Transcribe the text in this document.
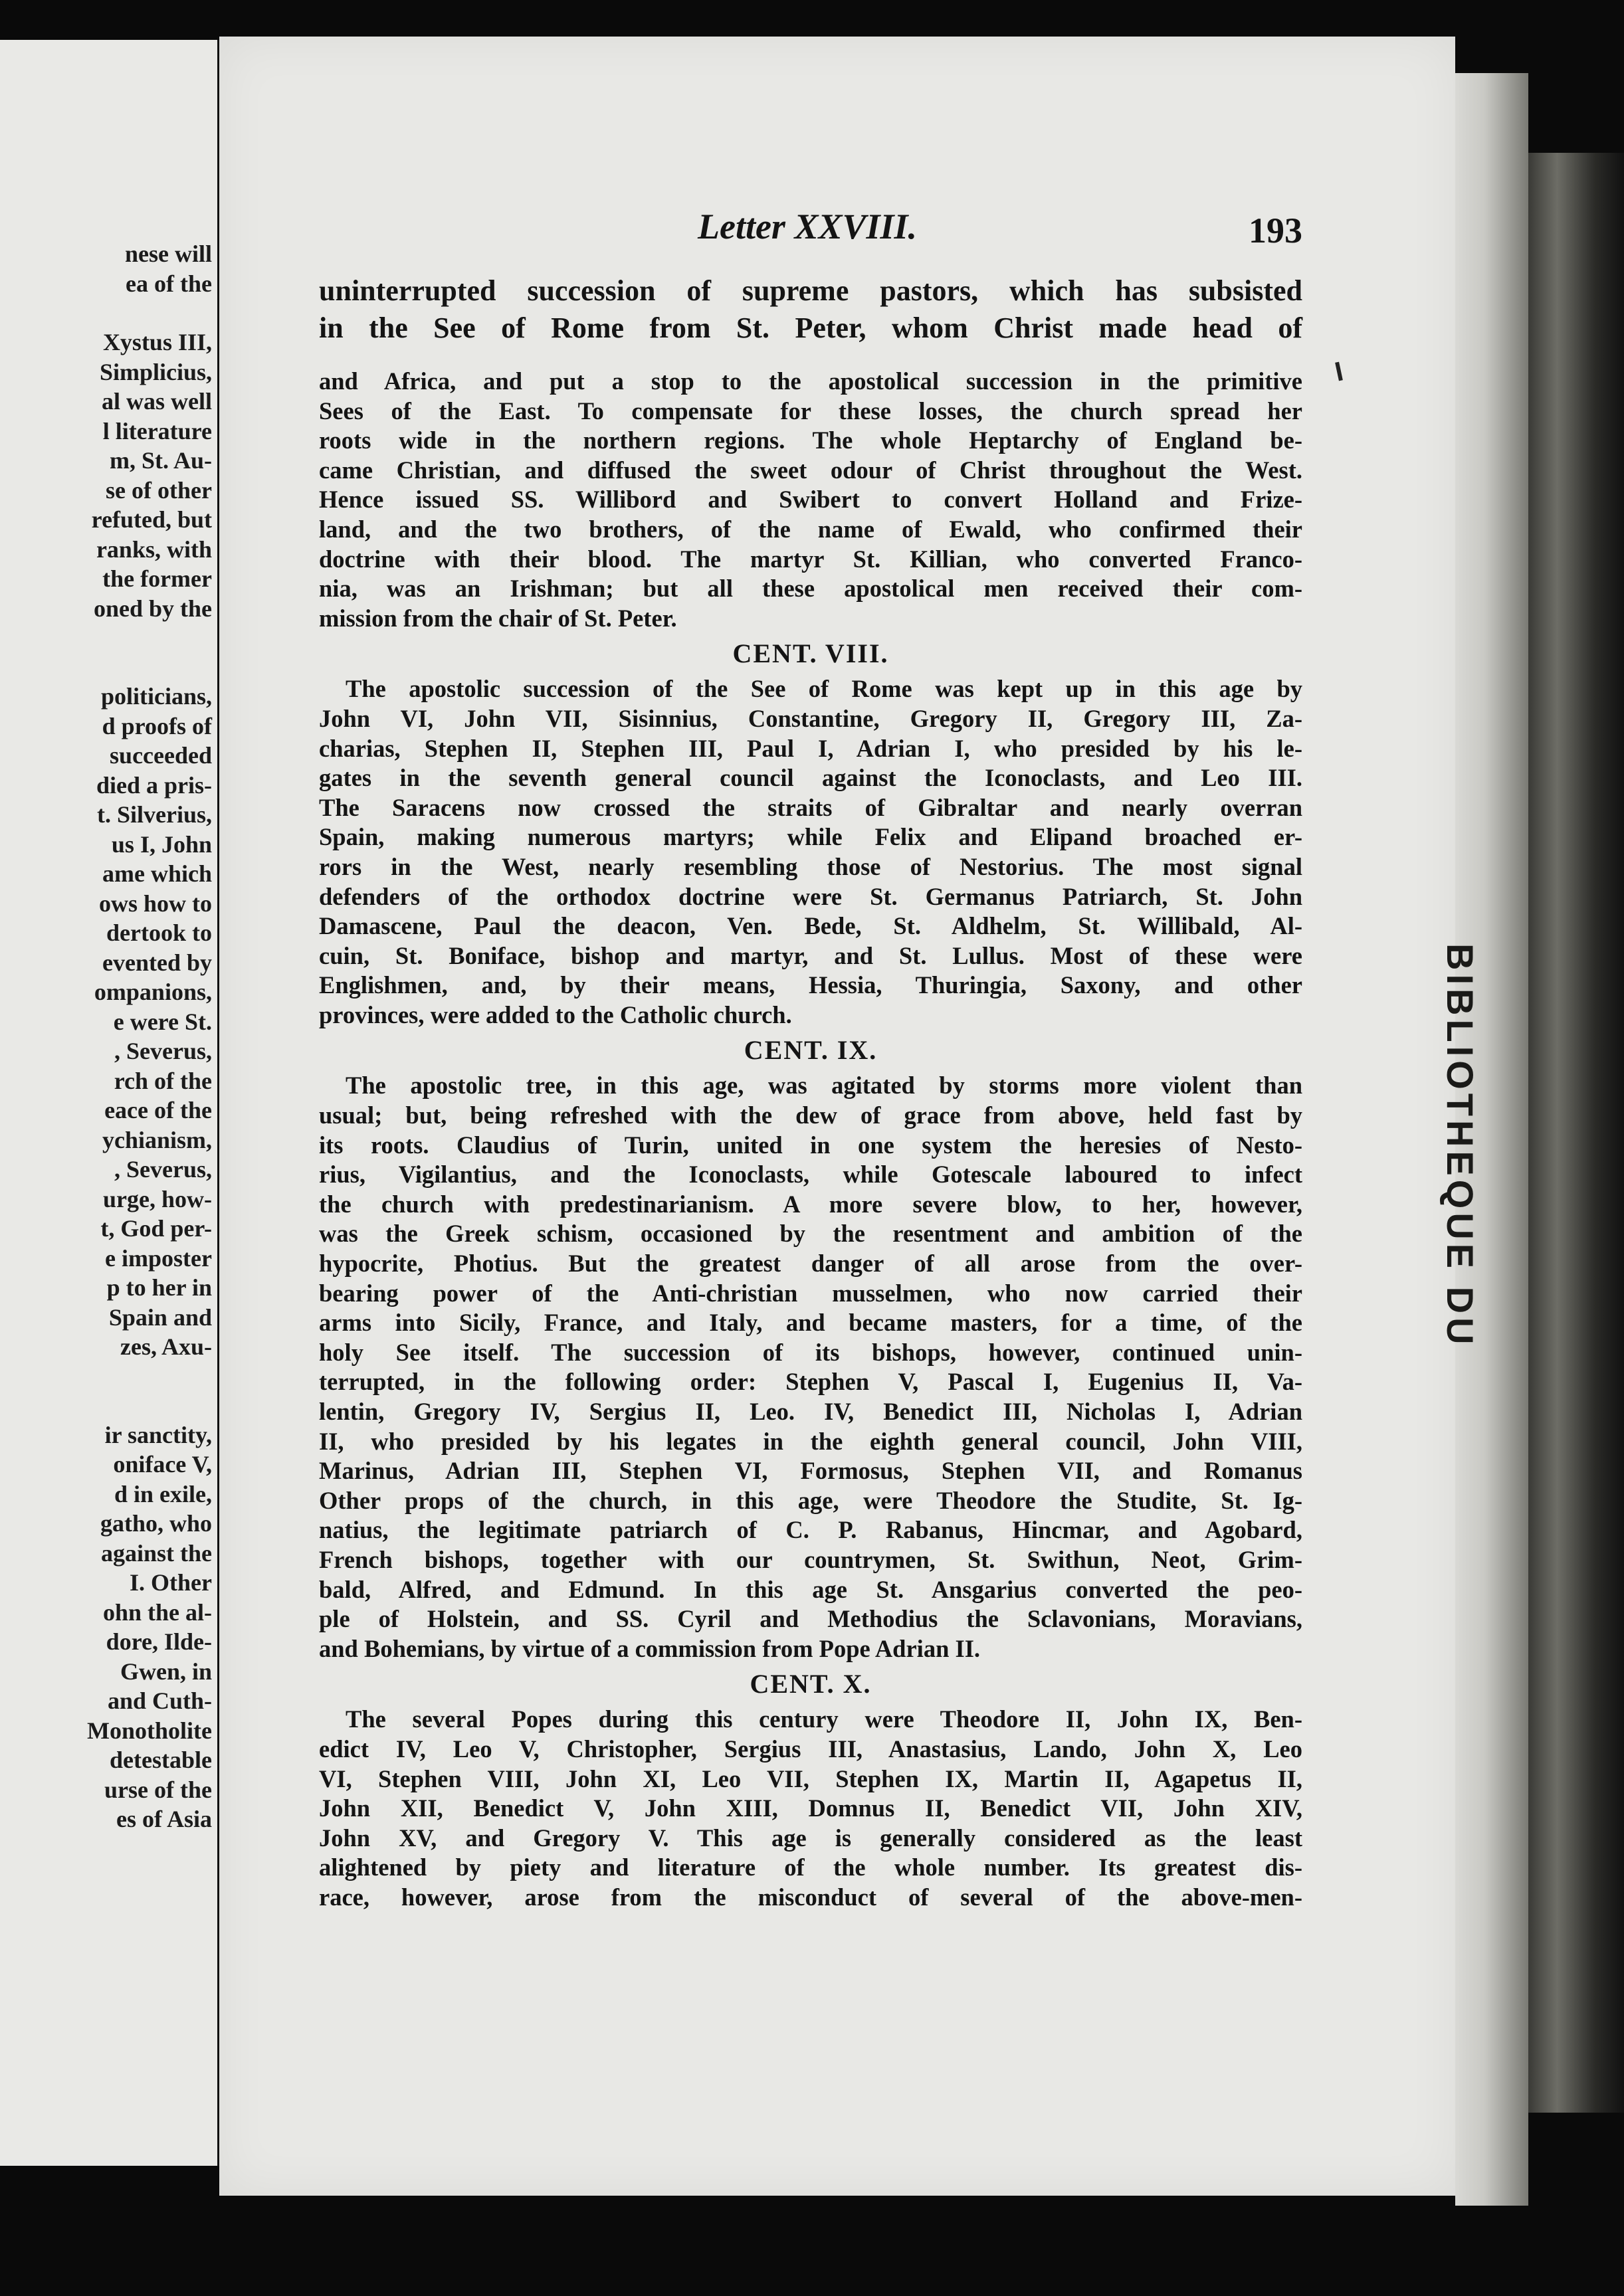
nese will
ea of the
Xystus III,
Simplicius,
al was well
l literature
m, St. Au-
se of other
refuted, but
ranks, with
the former
oned by the
politicians,
d proofs of
succeeded
died a pris-
t. Silverius,
us I, John
ame which
ows how to
dertook to
evented by
ompanions,
e were St.
, Severus,
rch of the
eace of the
ychianism,
, Severus,
urge, how-
t, God per-
e imposter
p to her in
Spain and
zes, Axu-
ir sanctity,
oniface V,
d in exile,
gatho, who
against the
I. Other
ohn the al-
dore, Ilde-
Gwen, in
and Cuth-
Monotholite
detestable
urse of the
es of Asia
BIBLIOTHEQUE DU
Letter XXVIII.	193
uninterrupted succession of supreme pastors, which has subsisted
in the See of Rome from St. Peter, whom Christ made head of
and Africa, and put a stop to the apostolical succession in the primitive
Sees of the East. To compensate for these losses, the church spread her
roots wide in the northern regions. The whole Heptarchy of England be-
came Christian, and diffused the sweet odour of Christ throughout the West.
Hence issued SS. Willibord and Swibert to convert Holland and Frize-
land, and the two brothers, of the name of Ewald, who confirmed their
doctrine with their blood. The martyr St. Killian, who converted Franco-
nia, was an Irishman; but all these apostolical men received their com-
mission from the chair of St. Peter.
CENT. VIII.
The apostolic succession of the See of Rome was kept up in this age by
John VI, John VII, Sisinnius, Constantine, Gregory II, Gregory III, Za-
charias, Stephen II, Stephen III, Paul I, Adrian I, who presided by his le-
gates in the seventh general council against the Iconoclasts, and Leo III.
The Saracens now crossed the straits of Gibraltar and nearly overran
Spain, making numerous martyrs; while Felix and Elipand broached er-
rors in the West, nearly resembling those of Nestorius. The most signal
defenders of the orthodox doctrine were St. Germanus Patriarch, St. John
Damascene, Paul the deacon, Ven. Bede, St. Aldhelm, St. Willibald, Al-
cuin, St. Boniface, bishop and martyr, and St. Lullus. Most of these were
Englishmen, and, by their means, Hessia, Thuringia, Saxony, and other
provinces, were added to the Catholic church.
CENT. IX.
The apostolic tree, in this age, was agitated by storms more violent than
usual; but, being refreshed with the dew of grace from above, held fast by
its roots. Claudius of Turin, united in one system the heresies of Nesto-
rius, Vigilantius, and the Iconoclasts, while Gotescale laboured to infect
the church with predestinarianism. A more severe blow, to her, however,
was the Greek schism, occasioned by the resentment and ambition of the
hypocrite, Photius. But the greatest danger of all arose from the over-
bearing power of the Anti-christian musselmen, who now carried their
arms into Sicily, France, and Italy, and became masters, for a time, of the
holy See itself. The succession of its bishops, however, continued unin-
terrupted, in the following order: Stephen V, Pascal I, Eugenius II, Va-
lentin, Gregory IV, Sergius II, Leo. IV, Benedict III, Nicholas I, Adrian
II, who presided by his legates in the eighth general council, John VIII,
Marinus, Adrian III, Stephen VI, Formosus, Stephen VII, and Romanus
Other props of the church, in this age, were Theodore the Studite, St. Ig-
natius, the legitimate patriarch of C. P. Rabanus, Hincmar, and Agobard,
French bishops, together with our countrymen, St. Swithun, Neot, Grim-
bald, Alfred, and Edmund. In this age St. Ansgarius converted the peo-
ple of Holstein, and SS. Cyril and Methodius the Sclavonians, Moravians,
and Bohemians, by virtue of a commission from Pope Adrian II.
CENT. X.
The several Popes during this century were Theodore II, John IX, Ben-
edict IV, Leo V, Christopher, Sergius III, Anastasius, Lando, John X, Leo
VI, Stephen VIII, John XI, Leo VII, Stephen IX, Martin II, Agapetus II,
John XII, Benedict V, John XIII, Domnus II, Benedict VII, John XIV,
John XV, and Gregory V. This age is generally considered as the least
alightened by piety and literature of the whole number. Its greatest dis-
race, however, arose from the misconduct of several of the above-men-
